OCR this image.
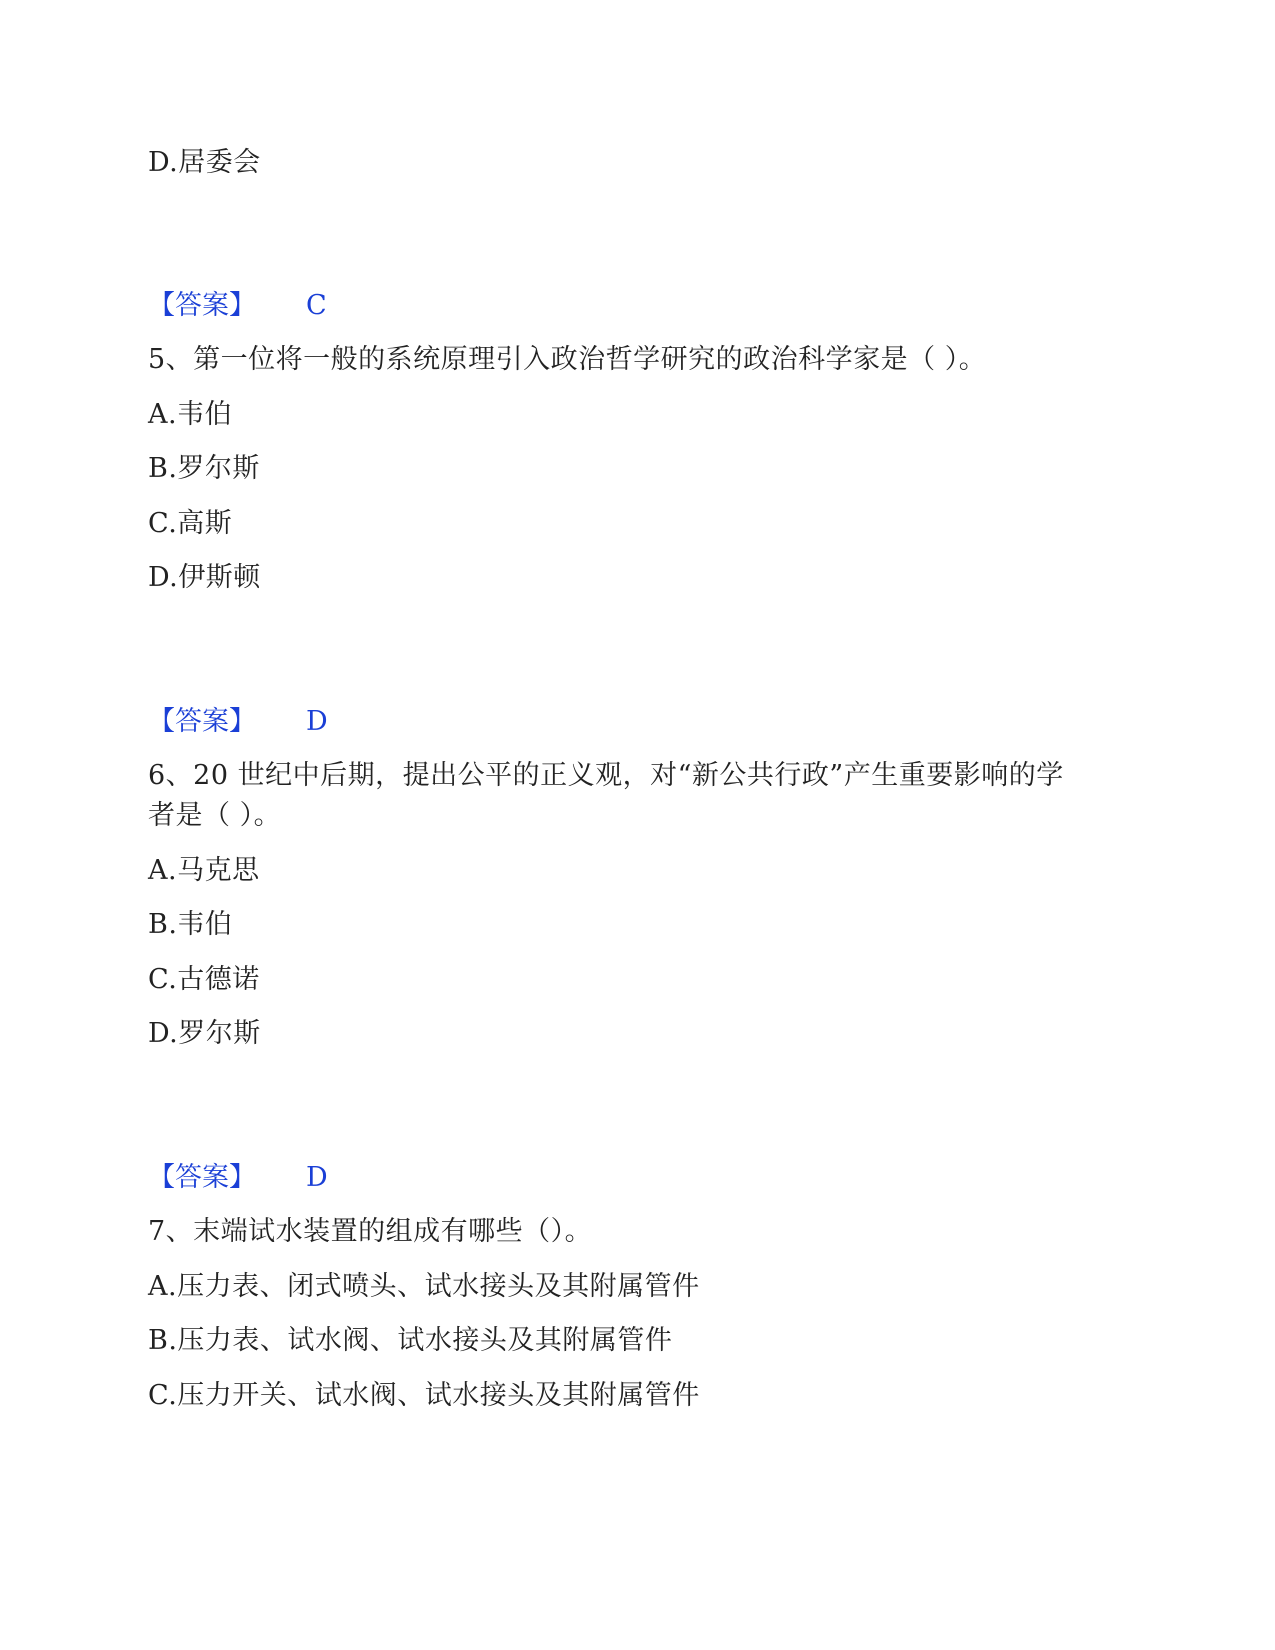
D.居委会
【答案】 C
5、第一位将一般的系统原理引入政治哲学研究的政治科学家是（ ）。
A.韦伯
B.罗尔斯
C.高斯
D.伊斯顿
【答案】 D
6、20 世纪中后期，提出公平的正义观，对“新公共行政”产生重要影响的学
者是（ ）。
A.马克思
B.韦伯
C.古德诺
D.罗尔斯
【答案】 D
7、末端试水装置的组成有哪些（）。
A.压力表、闭式喷头、试水接头及其附属管件
B.压力表、试水阀、试水接头及其附属管件
C.压力开关、试水阀、试水接头及其附属管件
